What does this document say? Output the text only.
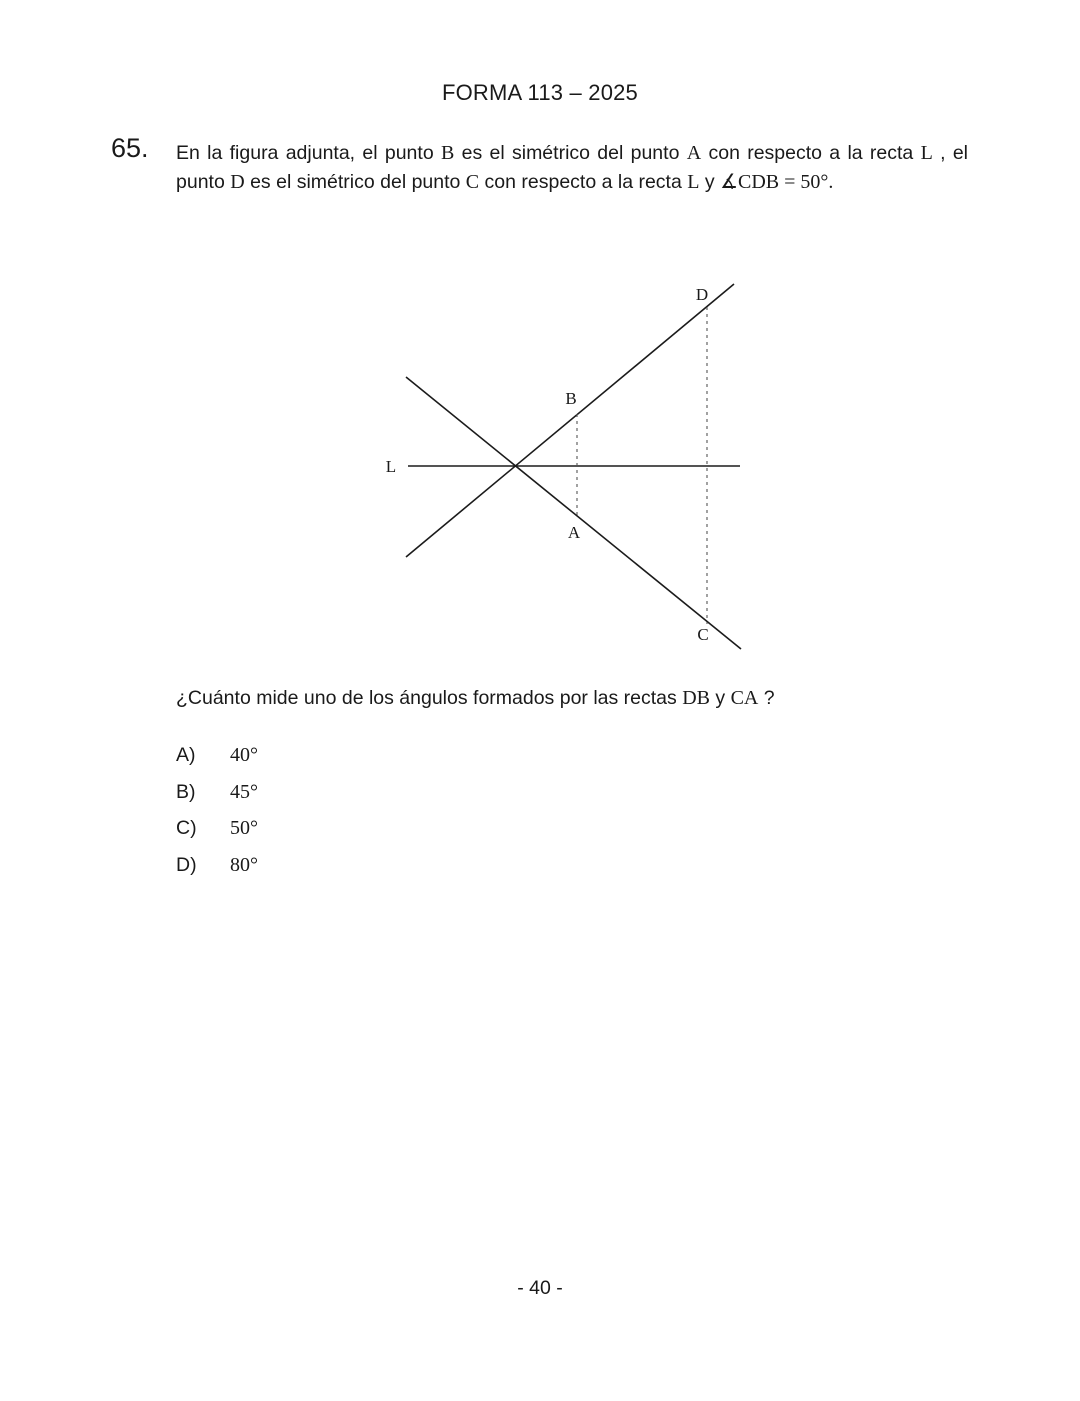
FORMA 113 – 2025
65. En la figura adjunta, el punto B es el simétrico del punto A con respecto a la recta L , el punto D es el simétrico del punto C con respecto a la recta L y ∡CDB = 50°.

L
B
A
D
C

¿Cuánto mide uno de los ángulos formados por las rectas DB y CA ?

A)	40°
B)	45°
C)	50°
D)	80°
- 40 -
